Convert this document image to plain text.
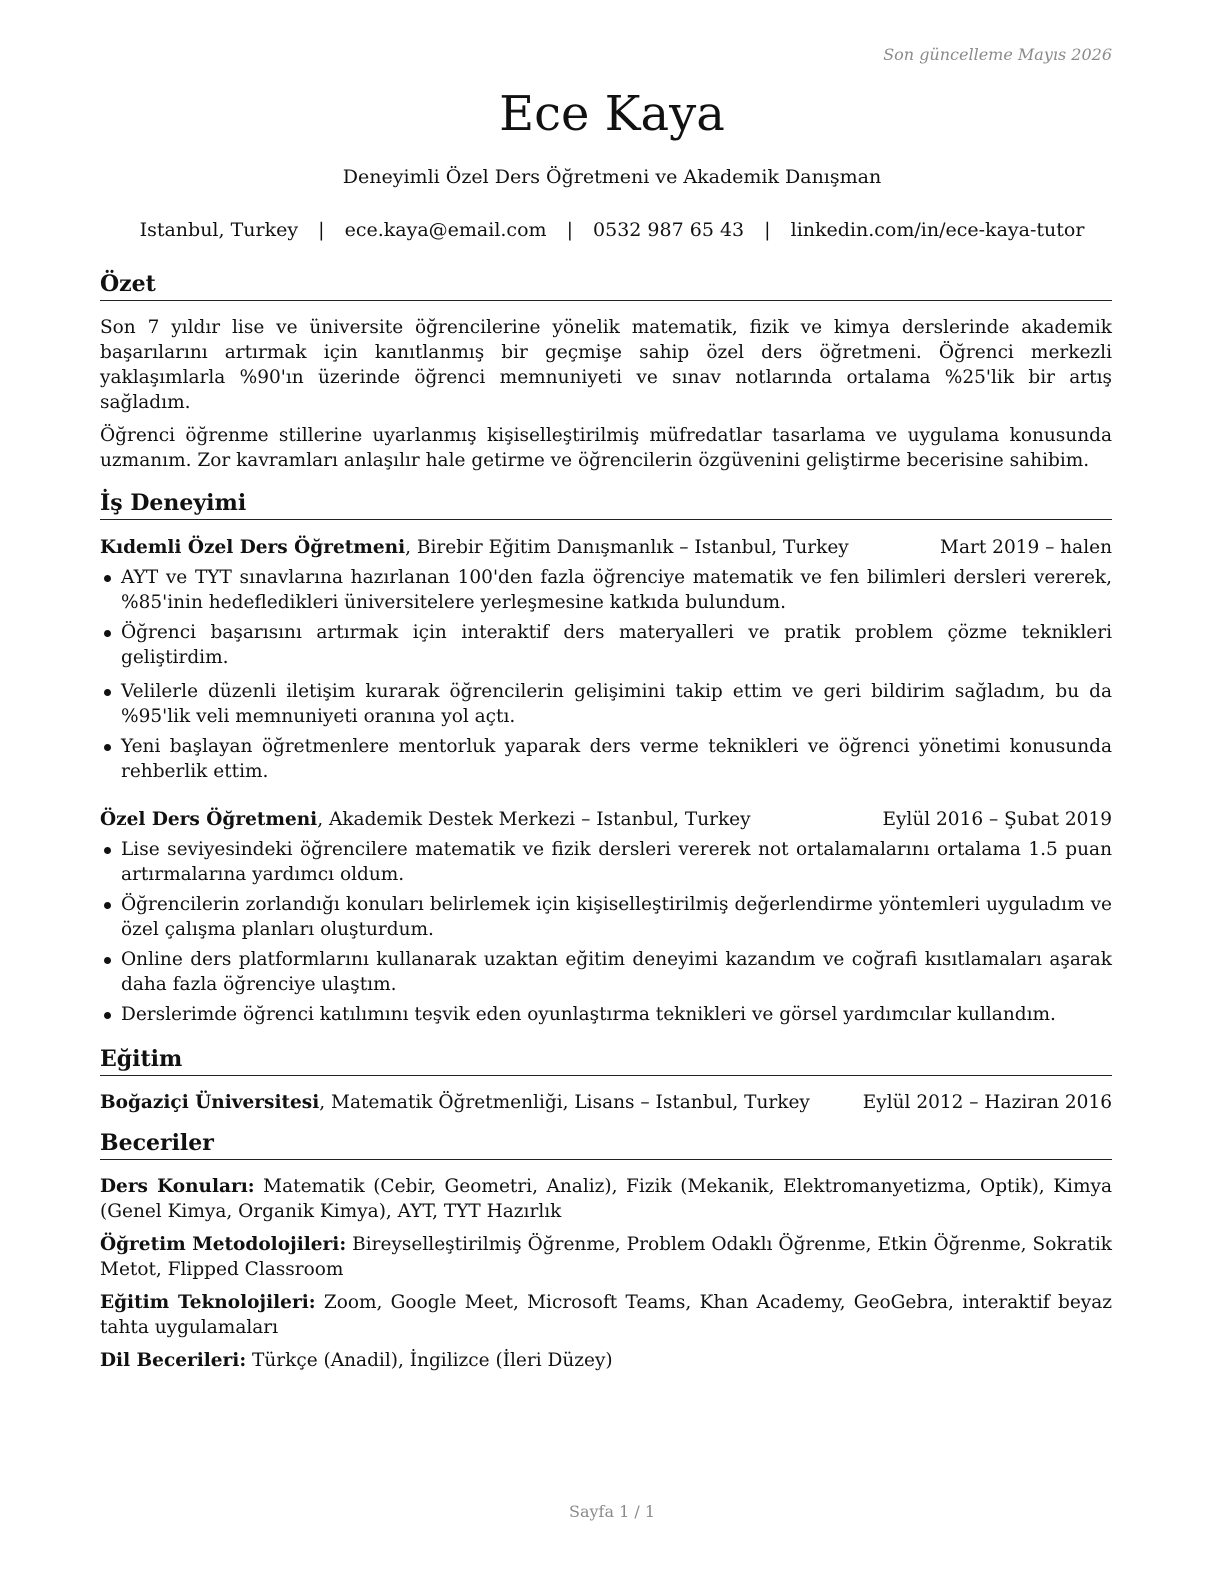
Son güncelleme Mayıs 2026
Ece Kaya
Deneyimli Özel Ders Öğretmeni ve Akademik Danışman
Istanbul, Turkey | ece.kaya@email.com | 0532 987 65 43 | linkedin.com/in/ece-kaya-tutor
Özet

Son 7 yıldır lise ve üniversite öğrencilerine yönelik matematik, fizik ve kimya derslerinde akademik başarılarını artırmak için kanıtlanmış bir geçmişe sahip özel ders öğretmeni. Öğrenci merkezli yaklaşımlarla %90'ın üzerinde öğrenci memnuniyeti ve sınav notlarında ortalama %25'lik bir artış sağladım.

Öğrenci öğrenme stillerine uyarlanmış kişiselleştirilmiş müfredatlar tasarlama ve uygulama konusunda uzmanım. Zor kavramları anlaşılır hale getirme ve öğrencilerin özgüvenini geliştirme becerisine sahibim.

İş Deneyimi
Kıdemli Özel Ders Öğretmeni, Birebir Eğitim Danışmanlık – Istanbul, Turkey	Mart 2019 – halen
AYT ve TYT sınavlarına hazırlanan 100'den fazla öğrenciye matematik ve fen bilimleri dersleri vererek, %85'inin hedefledikleri üniversitelere yerleşmesine katkıda bulundum.
Öğrenci başarısını artırmak için interaktif ders materyalleri ve pratik problem çözme teknikleri geliştirdim.
Velilerle düzenli iletişim kurarak öğrencilerin gelişimini takip ettim ve geri bildirim sağladım, bu da %95'lik veli memnuniyeti oranına yol açtı.
Yeni başlayan öğretmenlere mentorluk yaparak ders verme teknikleri ve öğrenci yönetimi konusunda rehberlik ettim.
Özel Ders Öğretmeni, Akademik Destek Merkezi – Istanbul, Turkey	Eylül 2016 – Şubat 2019
Lise seviyesindeki öğrencilere matematik ve fizik dersleri vererek not ortalamalarını ortalama 1.5 puan artırmalarına yardımcı oldum.
Öğrencilerin zorlandığı konuları belirlemek için kişiselleştirilmiş değerlendirme yöntemleri uyguladım ve özel çalışma planları oluşturdum.
Online ders platformlarını kullanarak uzaktan eğitim deneyimi kazandım ve coğrafi kısıtlamaları aşarak daha fazla öğrenciye ulaştım.
Derslerimde öğrenci katılımını teşvik eden oyunlaştırma teknikleri ve görsel yardımcılar kullandım.
Eğitim
Boğaziçi Üniversitesi, Matematik Öğretmenliği, Lisans – Istanbul, Turkey	Eylül 2012 – Haziran 2016
Beceriler

Ders Konuları: Matematik (Cebir, Geometri, Analiz), Fizik (Mekanik, Elektromanyetizma, Optik), Kimya (Genel Kimya, Organik Kimya), AYT, TYT Hazırlık

Öğretim Metodolojileri: Bireyselleştirilmiş Öğrenme, Problem Odaklı Öğrenme, Etkin Öğrenme, Sokratik Metot, Flipped Classroom

Eğitim Teknolojileri: Zoom, Google Meet, Microsoft Teams, Khan Academy, GeoGebra, interaktif beyaz tahta uygulamaları

Dil Becerileri: Türkçe (Anadil), İngilizce (İleri Düzey)

Sayfa 1 / 1
